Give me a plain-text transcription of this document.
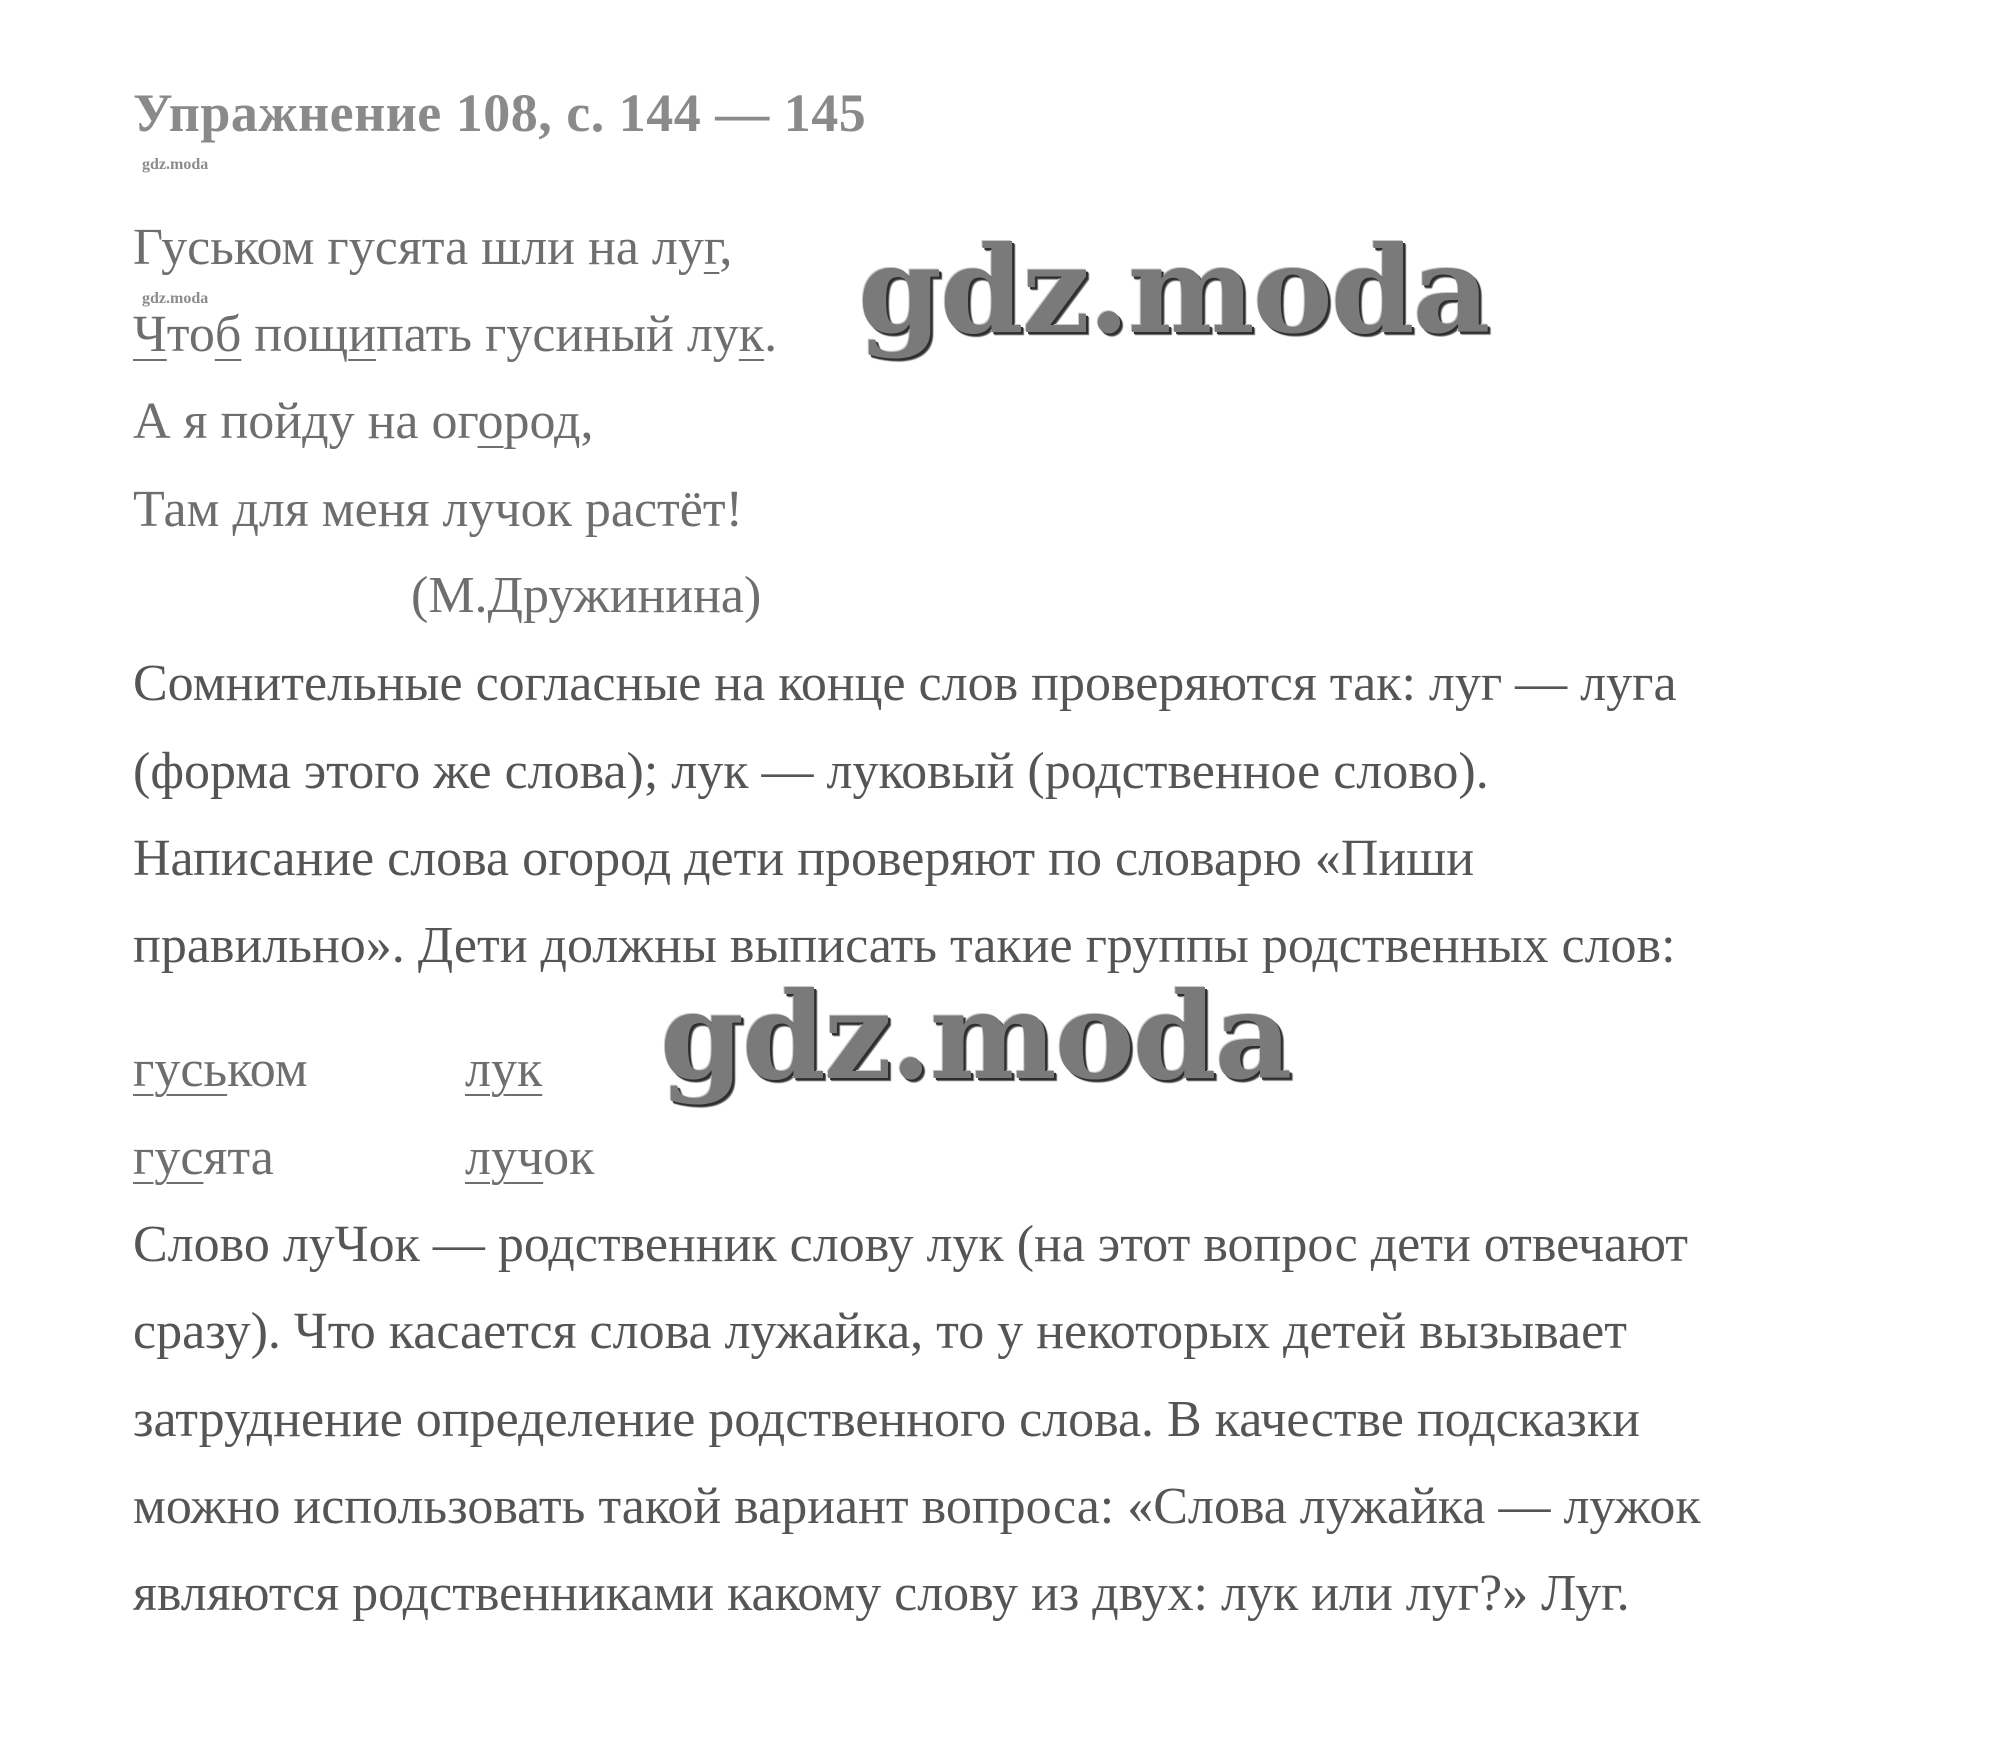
Упражнение 108, с. 144 — 145
gdz.moda
Гуськом гусята шли на луг,
gdz.moda
Чтоб пощипать гусиный лук.
А я пойду на огород,
Там для меня лучок растёт!
(М.Дружинина)
Сомнительные согласные на конце слов проверяются так: луг — луга
(форма этого же слова); лук — луковый (родственное слово).
Написание слова огород дети проверяют по словарю «Пиши
правильно». Дети должны выписать такие группы родственных слов:
гуськом	лук
гусята	лучок
Слово луЧок — родственник слову лук (на этот вопрос дети отвечают
сразу). Что касается слова лужайка, то у некоторых детей вызывает
затруднение определение родственного слова. В качестве подсказки
можно использовать такой вариант вопроса: «Слова лужайка — лужок
являются родственниками какому слову из двух: лук или луг?» Луг.
gdz.moda
gdz.moda
